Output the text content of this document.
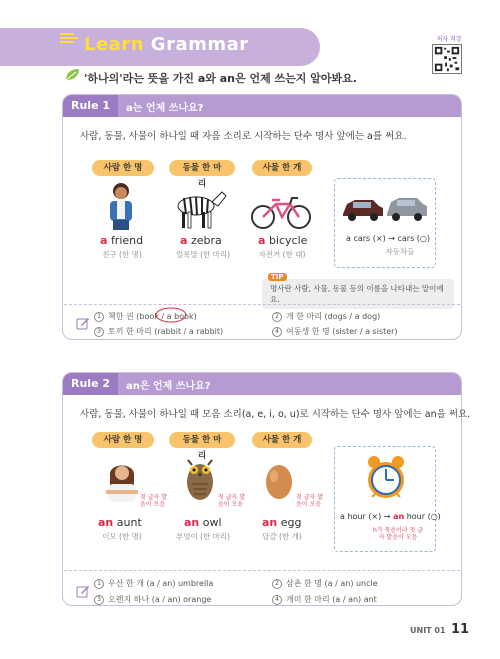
Learn Grammar	저자 직강
'하나의'라는 뜻을 가진 a와 an은 언제 쓰는지 알아봐요.
Rule 1	a는 언제 쓰나요?
사람, 동물, 사물이 하나일 때 자음 소리로 시작하는 단수 명사 앞에는 a를 써요.
사람 한 명	동물 한 마리
사물 한 개
a friend	a zebra	a bicycle
친구 (한 명)	얼룩말 (한 마리)	자전거 (한 대)
a cars (×) → cars (○)
자동차들
명사란 사람, 사물, 동물 등의 이름을 나타내는 말이에요.
TIP
1 책한 권 (book / a book)	2 개 한 마리 (dogs / a dog)
3 토끼 한 마리 (rabbit / a rabbit)	4 여동생 한 명 (sister / a sister)
Rule 2	an은 언제 쓰나요?
사람, 동물, 사물이 하나일 때 모음 소리(a, e, i, o, u)로 시작하는 단수 명사 앞에는 an을 써요.
사람 한 명	동물 한 마리
사물 한 개
첫 글자 발음이 모음
첫 글자 발음이 모음
첫 글자 발음이 모음
an aunt	an owl	an egg
이모 (한 명)	부엉이 (한 마리)	달걀 (한 개)
a hour (×) → an hour (○)
h가 묵음이라 첫 글자 발음이 모음
1 우산 한 개 (a / an) umbrella	2 삼촌 한 명 (a / an) uncle
3 오렌지 하나 (a / an) orange	4 개미 한 마리 (a / an) ant
UNIT 01 11
